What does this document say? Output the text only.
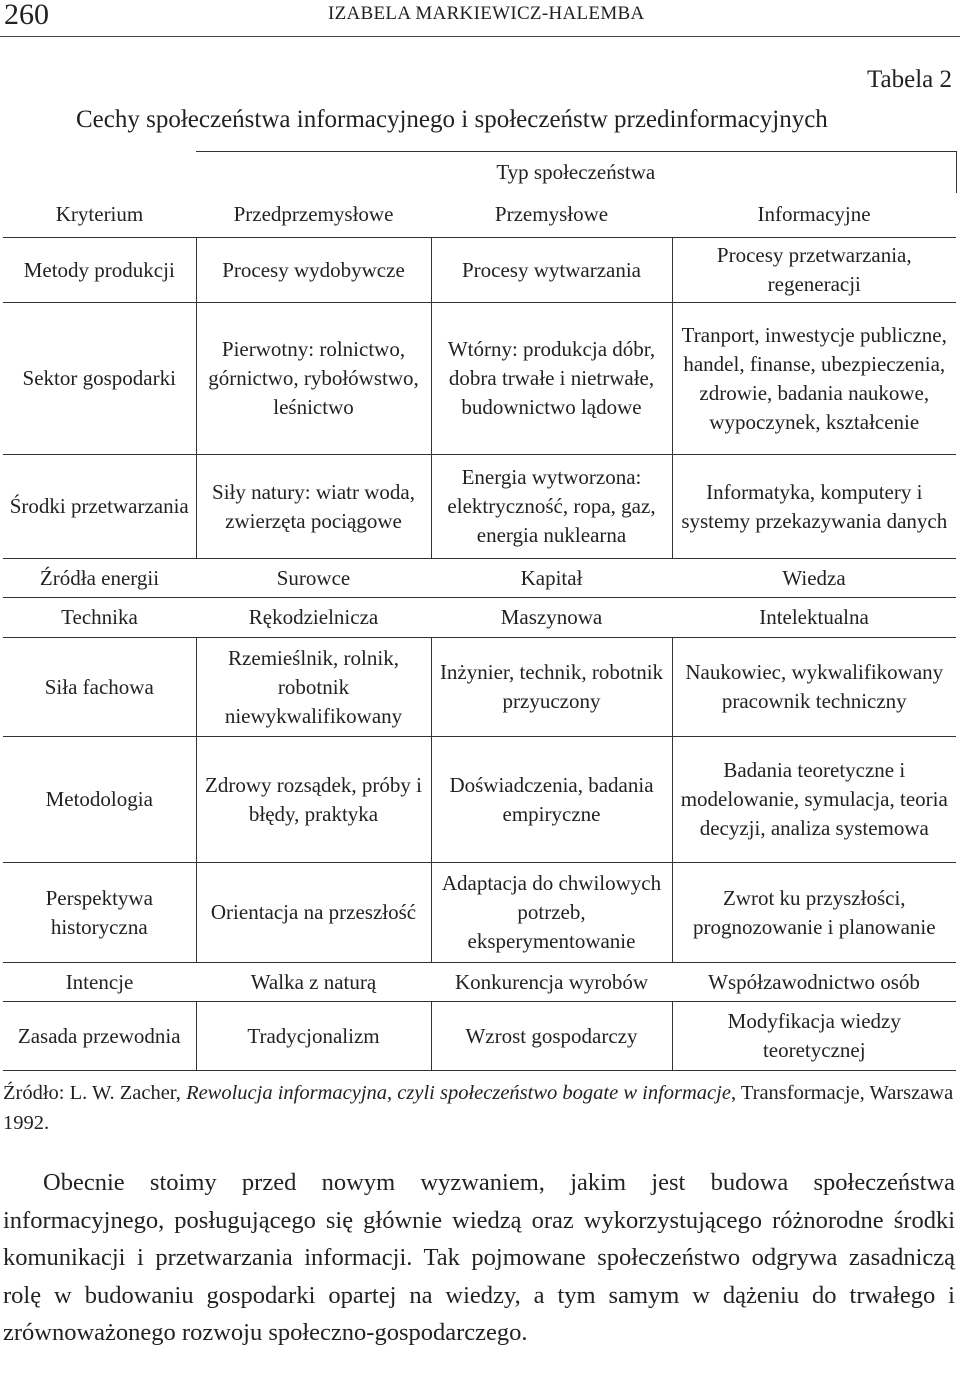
260	IZABELA MARKIEWICZ-HALEMBA
Tabela 2
Cechy społeczeństwa informacyjnego i społeczeństw przedinformacyjnych
	Typ społeczeństwa		
Kryterium	Przedprzemysłowe	Przemysłowe	Informacyjne
Metody produkcji	Procesy wydobywcze	Procesy wytwarzania	Procesy przetwarzania, regeneracji
Sektor gospodarki	Pierwotny: rolnictwo, górnictwo, rybołówstwo, leśnictwo	Wtórny: produkcja dóbr, dobra trwałe i nietrwałe, budownictwo lądowe	Tranport, inwestycje publiczne, handel, finanse, ubezpieczenia, zdrowie, badania naukowe, wypoczynek, kształcenie
Środki przetwarzania	Siły natury: wiatr woda, zwierzęta pociągowe	Energia wytworzona: elektryczność, ropa, gaz, energia nuklearna	Informatyka, komputery i systemy przekazywania danych
Źródła energii	Surowce	Kapitał	Wiedza
Technika	Rękodzielnicza	Maszynowa	Intelektualna
Siła fachowa	Rzemieślnik, rolnik, robotnik niewykwalifikowany	Inżynier, technik, robotnik przyuczony	Naukowiec, wykwalifikowany pracownik techniczny
Metodologia	Zdrowy rozsądek, próby i błędy, praktyka	Doświadczenia, badania empiryczne	Badania teoretyczne i modelowanie, symulacja, teoria decyzji, analiza systemowa
Perspektywa historyczna	Orientacja na przeszłość	Adaptacja do chwilowych potrzeb, eksperymentowanie	Zwrot ku przyszłości, prognozowanie i planowanie
Intencje	Walka z naturą	Konkurencja wyrobów	Współzawodnictwo osób
Zasada przewodnia	Tradycjonalizm	Wzrost gospodarczy	Modyfikacja wiedzy teoretycznej
Źródło: L. W. Zacher, Rewolucja informacyjna, czyli społeczeństwo bogate w informacje, Transformacje, Warszawa 1992.
Obecnie stoimy przed nowym wyzwaniem, jakim jest budowa społeczeństwa informacyjnego, posługującego się głównie wiedzą oraz wykorzystującego różnorodne środki komunikacji i przetwarzania informacji. Tak pojmowane społeczeństwo odgrywa zasadniczą rolę w budowaniu gospodarki opartej na wiedzy, a tym samym w dążeniu do trwałego i zrównoważonego rozwoju społeczno-gospodarczego.
